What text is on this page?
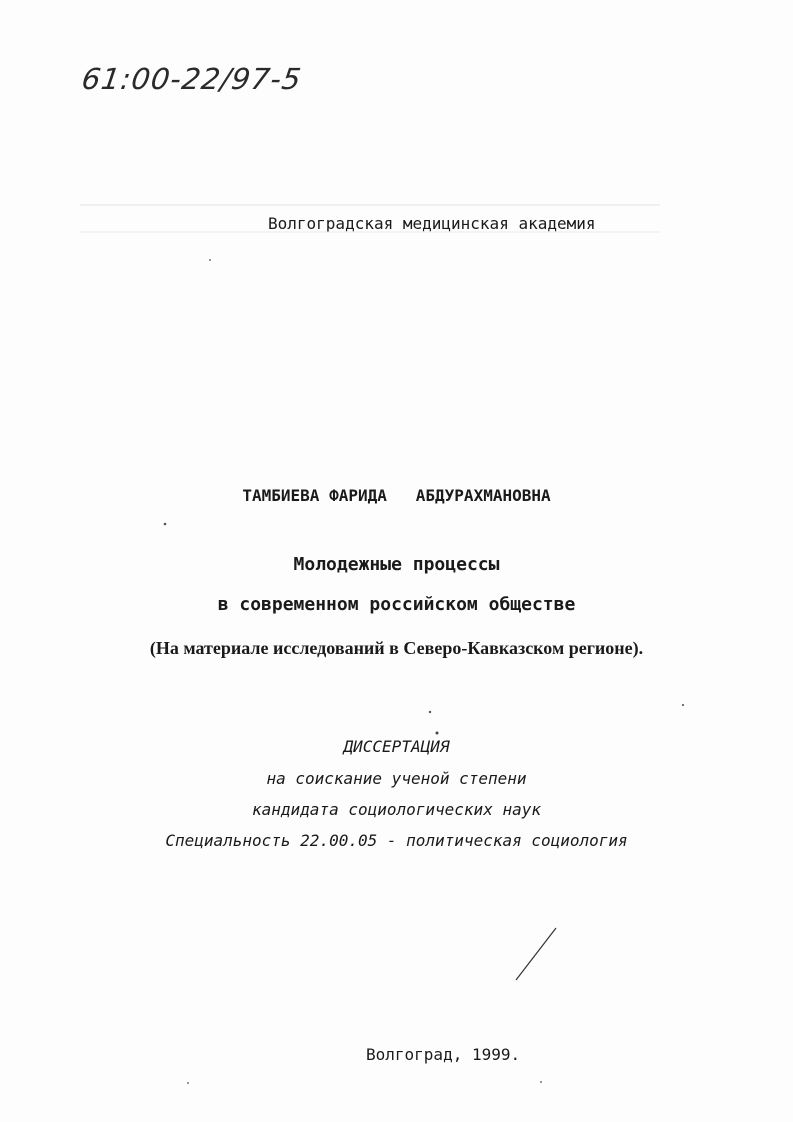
61:00-22/97-5
Волгоградская медицинская академия
ТАМБИЕВА ФАРИДА   АБДУРАХМАНОВНА
Молодежные процессы
в современном российском обществе
(На материале исследований в Северо-Кавказском регионе).
ДИССЕРТАЦИЯ
на соискание ученой степени
кандидата социологических наук
Специальность 22.00.05 - политическая социология
Волгоград, 1999.
